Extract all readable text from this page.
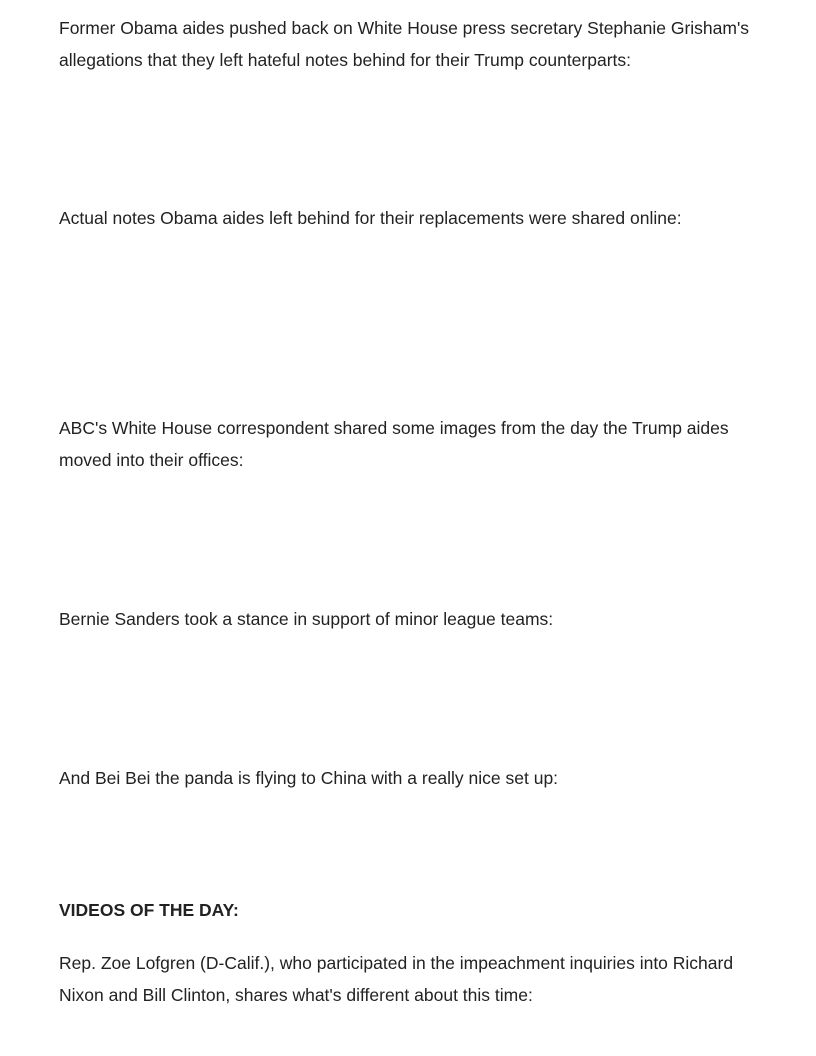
Former Obama aides pushed back on White House press secretary Stephanie Grisham's allegations that they left hateful notes behind for their Trump counterparts:

Actual notes Obama aides left behind for their replacements were shared online:

ABC's White House correspondent shared some images from the day the Trump aides moved into their offices:

Bernie Sanders took a stance in support of minor league teams:

And Bei Bei the panda is flying to China with a really nice set up:

VIDEOS OF THE DAY:

Rep. Zoe Lofgren (D-Calif.), who participated in the impeachment inquiries into Richard Nixon and Bill Clinton, shares what's different about this time:
